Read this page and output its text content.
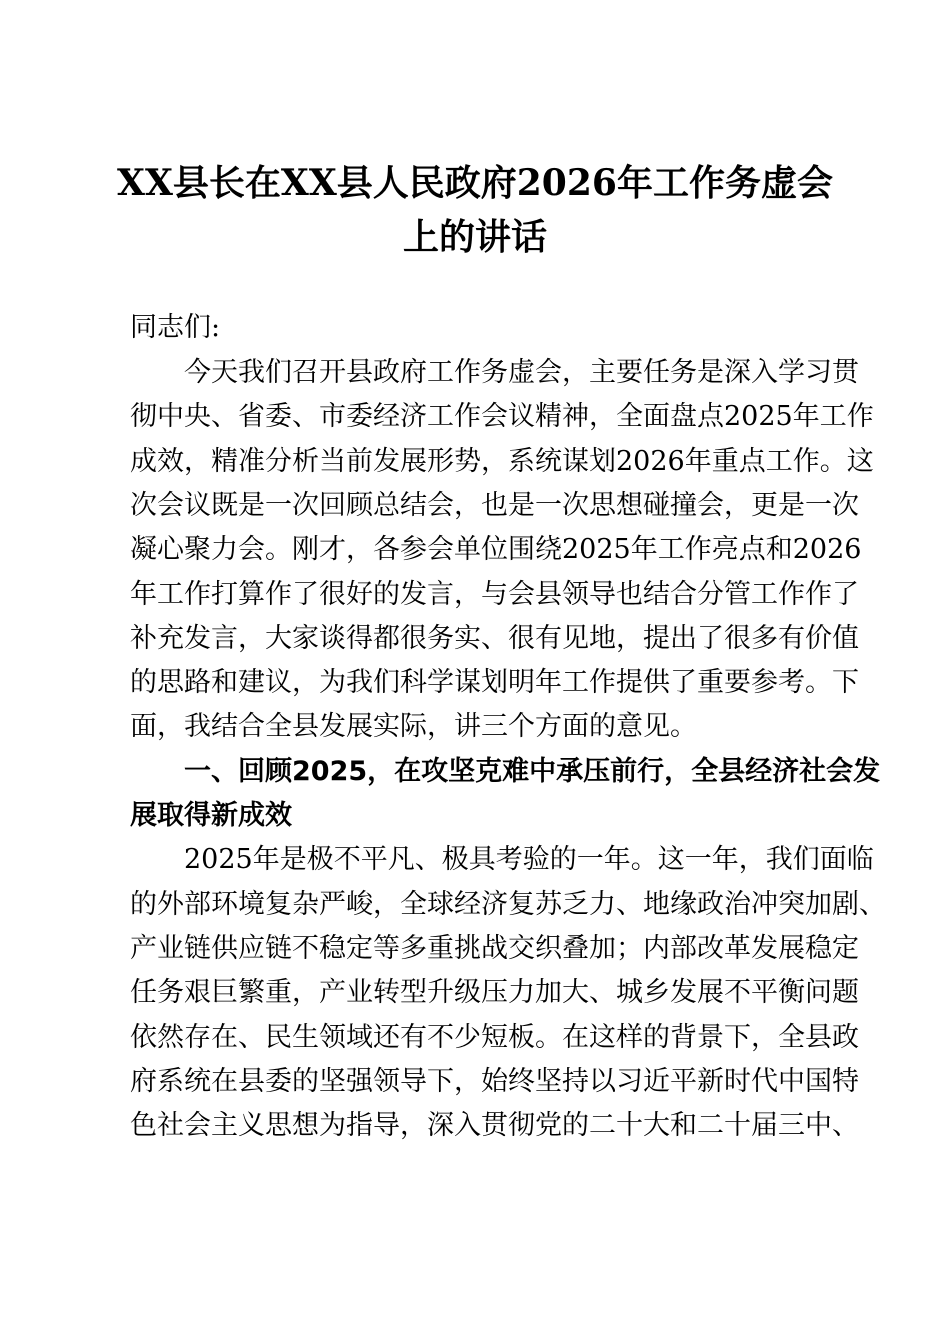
XX县长在XX县人民政府2026年工作务虚会
上的讲话
同志们:
　　今天我们召开县政府工作务虚会，主要任务是深入学习贯
彻中央、省委、市委经济工作会议精神，全面盘点2025年工作
成效，精准分析当前发展形势，系统谋划2026年重点工作。这
次会议既是一次回顾总结会，也是一次思想碰撞会，更是一次
凝心聚力会。刚才，各参会单位围绕2025年工作亮点和2026
年工作打算作了很好的发言，与会县领导也结合分管工作作了
补充发言，大家谈得都很务实、很有见地，提出了很多有价值
的思路和建议，为我们科学谋划明年工作提供了重要参考。下
面，我结合全县发展实际，讲三个方面的意见。
　　一、回顾2025，在攻坚克难中承压前行，全县经济社会发
展取得新成效
　　2025年是极不平凡、极具考验的一年。这一年，我们面临
的外部环境复杂严峻，全球经济复苏乏力、地缘政治冲突加剧、
产业链供应链不稳定等多重挑战交织叠加；内部改革发展稳定
任务艰巨繁重，产业转型升级压力加大、城乡发展不平衡问题
依然存在、民生领域还有不少短板。在这样的背景下，全县政
府系统在县委的坚强领导下，始终坚持以习近平新时代中国特
色社会主义思想为指导，深入贯彻党的二十大和二十届三中、
